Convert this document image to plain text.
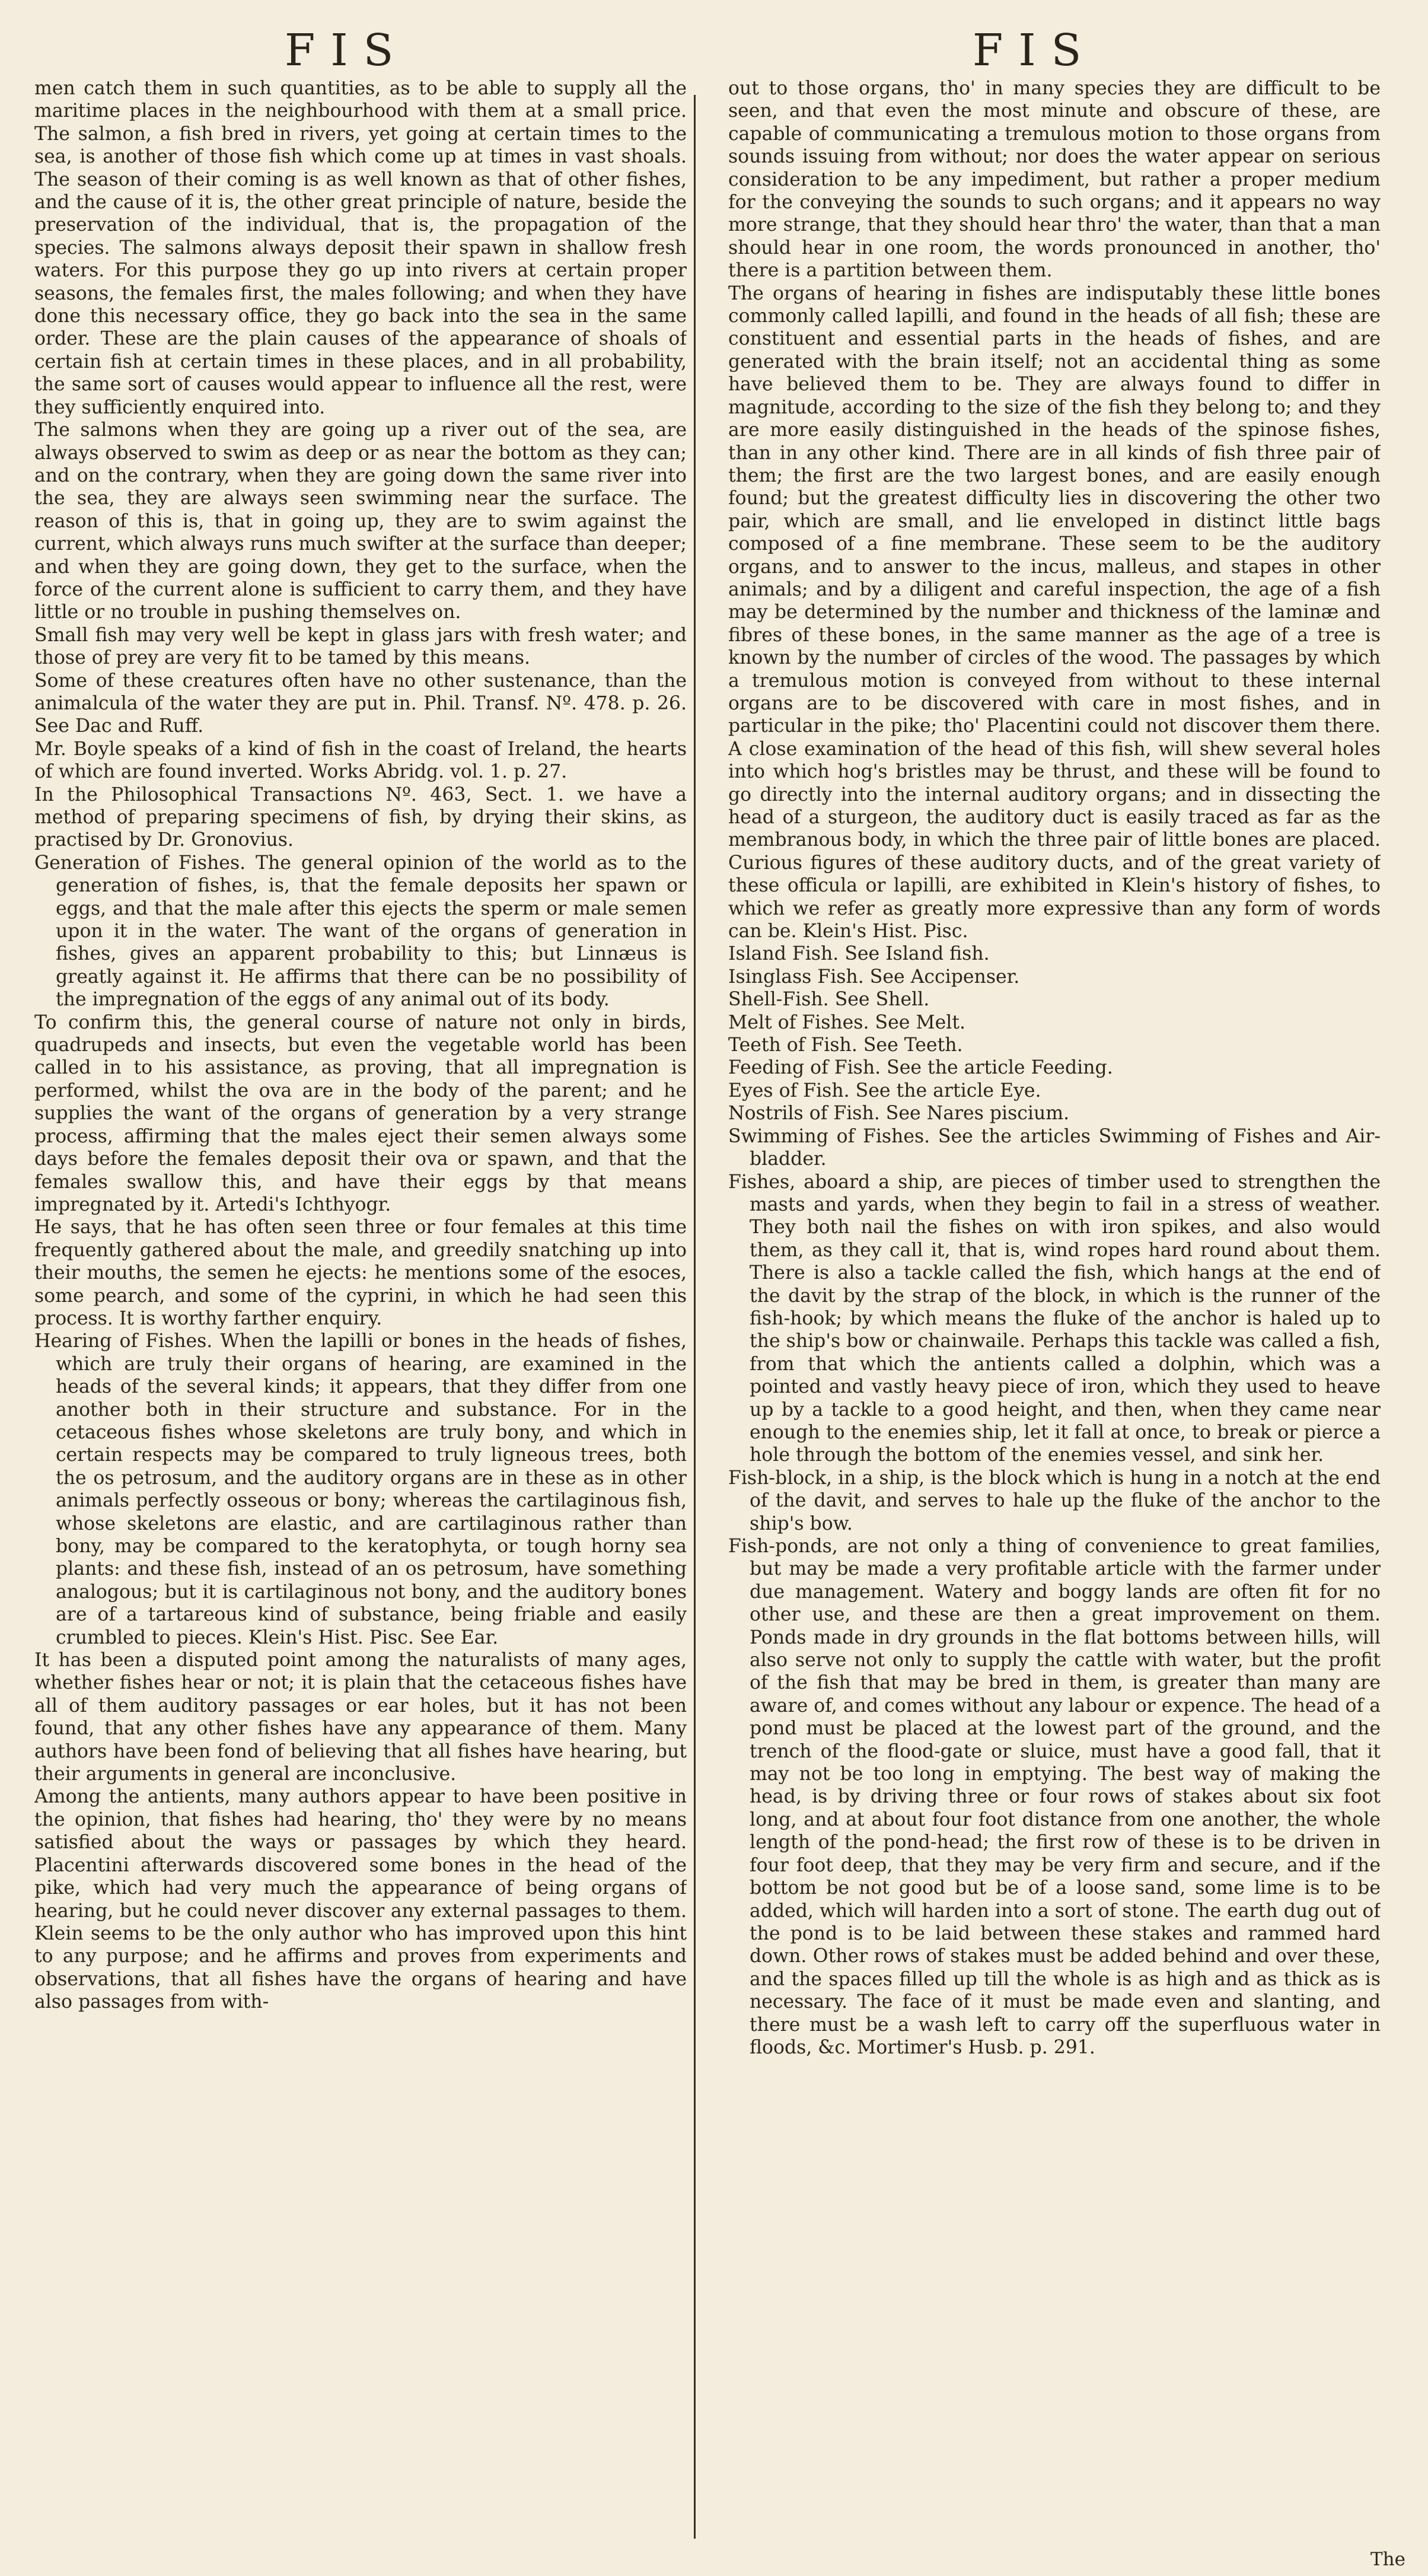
FIS	FIS

men catch them in such quantities, as to be able to supply all the maritime places in the neighbourhood with them at a small price. The salmon, a fish bred in rivers, yet going at certain times to the sea, is another of those fish which come up at times in vast shoals. The season of their coming is as well known as that of other fishes, and the cause of it is, the other great principle of nature, beside the preservation of the individual, that is, the propagation of the species. The salmons always deposit their spawn in shallow fresh waters. For this purpose they go up into rivers at certain proper seasons, the females first, the males following; and when they have done this necessary office, they go back into the sea in the same order. These are the plain causes of the appearance of shoals of certain fish at certain times in these places, and in all probability, the same sort of causes would appear to influence all the rest, were they sufficiently enquired into.

The salmons when they are going up a river out of the sea, are always observed to swim as deep or as near the bottom as they can; and on the contrary, when they are going down the same river into the sea, they are always seen swimming near the surface. The reason of this is, that in going up, they are to swim against the current, which always runs much swifter at the surface than deeper; and when they are going down, they get to the surface, when the force of the current alone is sufficient to carry them, and they have little or no trouble in pushing themselves on.

Small fish may very well be kept in glass jars with fresh water; and those of prey are very fit to be tamed by this means.

Some of these creatures often have no other sustenance, than the animalcula of the water they are put in. Phil. Transf. Nº. 478. p. 26. See Dac and Ruff.

Mr. Boyle speaks of a kind of fish in the coast of Ireland, the hearts of which are found inverted. Works Abridg. vol. 1. p. 27.

In the Philosophical Transactions Nº. 463, Sect. 1. we have a method of preparing specimens of fish, by drying their skins, as practised by Dr. Gronovius.

Generation of Fishes. The general opinion of the world as to the generation of fishes, is, that the female deposits her spawn or eggs, and that the male after this ejects the sperm or male semen upon it in the water. The want of the organs of generation in fishes, gives an apparent probability to this; but Linnæus is greatly against it. He affirms that there can be no possibility of the impregnation of the eggs of any animal out of its body.

To confirm this, the general course of nature not only in birds, quadrupeds and insects, but even the vegetable world has been called in to his assistance, as proving, that all impregnation is performed, whilst the ova are in the body of the parent; and he supplies the want of the organs of generation by a very strange process, affirming that the males eject their semen always some days before the females deposit their ova or spawn, and that the females swallow this, and have their eggs by that means impregnated by it. Artedi's Ichthyogr.

He says, that he has often seen three or four females at this time frequently gathered about the male, and greedily snatching up into their mouths, the semen he ejects: he mentions some of the esoces, some pearch, and some of the cyprini, in which he had seen this process. It is worthy farther enquiry.

Hearing of Fishes. When the lapilli or bones in the heads of fishes, which are truly their organs of hearing, are examined in the heads of the several kinds; it appears, that they differ from one another both in their structure and substance. For in the cetaceous fishes whose skeletons are truly bony, and which in certain respects may be compared to truly ligneous trees, both the os petrosum, and the auditory organs are in these as in other animals perfectly osseous or bony; whereas the cartilaginous fish, whose skeletons are elastic, and are cartilaginous rather than bony, may be compared to the keratophyta, or tough horny sea plants: and these fish, instead of an os petrosum, have something analogous; but it is cartilaginous not bony, and the auditory bones are of a tartareous kind of substance, being friable and easily crumbled to pieces. Klein's Hist. Pisc. See Ear.

It has been a disputed point among the naturalists of many ages, whether fishes hear or not; it is plain that the cetaceous fishes have all of them auditory passages or ear holes, but it has not been found, that any other fishes have any appearance of them. Many authors have been fond of believing that all fishes have hearing, but their arguments in general are inconclusive.

Among the antients, many authors appear to have been positive in the opinion, that fishes had hearing, tho' they were by no means satisfied about the ways or passages by which they heard. Placentini afterwards discovered some bones in the head of the pike, which had very much the appearance of being organs of hearing, but he could never discover any external passages to them. Klein seems to be the only author who has improved upon this hint to any purpose; and he affirms and proves from experiments and observations, that all fishes have the organs of hearing and have also passages from with-

out to those organs, tho' in many species they are difficult to be seen, and that even the most minute and obscure of these, are capable of communicating a tremulous motion to those organs from sounds issuing from without; nor does the water appear on serious consideration to be any impediment, but rather a proper medium for the conveying the sounds to such organs; and it appears no way more strange, that they should hear thro' the water, than that a man should hear in one room, the words pronounced in another, tho' there is a partition between them.

The organs of hearing in fishes are indisputably these little bones commonly called lapilli, and found in the heads of all fish; these are constituent and essential parts in the heads of fishes, and are generated with the brain itself; not an accidental thing as some have believed them to be. They are always found to differ in magnitude, according to the size of the fish they belong to; and they are more easily distinguished in the heads of the spinose fishes, than in any other kind. There are in all kinds of fish three pair of them; the first are the two largest bones, and are easily enough found; but the greatest difficulty lies in discovering the other two pair, which are small, and lie enveloped in distinct little bags composed of a fine membrane. These seem to be the auditory organs, and to answer to the incus, malleus, and stapes in other animals; and by a diligent and careful inspection, the age of a fish may be determined by the number and thickness of the laminæ and fibres of these bones, in the same manner as the age of a tree is known by the number of circles of the wood. The passages by which a tremulous motion is conveyed from without to these internal organs are to be discovered with care in most fishes, and in particular in the pike; tho' Placentini could not discover them there. A close examination of the head of this fish, will shew several holes into which hog's bristles may be thrust, and these will be found to go directly into the internal auditory organs; and in dissecting the head of a sturgeon, the auditory duct is easily traced as far as the membranous body, in which the three pair of little bones are placed. Curious figures of these auditory ducts, and of the great variety of these officula or lapilli, are exhibited in Klein's history of fishes, to which we refer as greatly more expressive than any form of words can be. Klein's Hist. Pisc.

Island Fish. See Island fish.

Isinglass Fish. See Accipenser.

Shell-Fish. See Shell.

Melt of Fishes. See Melt.

Teeth of Fish. See Teeth.

Feeding of Fish. See the article Feeding.

Eyes of Fish. See the article Eye.

Nostrils of Fish. See Nares piscium.

Swimming of Fishes. See the articles Swimming of Fishes and Air-bladder.

Fishes, aboard a ship, are pieces of timber used to strengthen the masts and yards, when they begin to fail in a stress of weather. They both nail the fishes on with iron spikes, and also would them, as they call it, that is, wind ropes hard round about them. There is also a tackle called the fish, which hangs at the end of the davit by the strap of the block, in which is the runner of the fish-hook; by which means the fluke of the anchor is haled up to the ship's bow or chainwaile. Perhaps this tackle was called a fish, from that which the antients called a dolphin, which was a pointed and vastly heavy piece of iron, which they used to heave up by a tackle to a good height, and then, when they came near enough to the enemies ship, let it fall at once, to break or pierce a hole through the bottom of the enemies vessel, and sink her.

Fish-block, in a ship, is the block which is hung in a notch at the end of the davit, and serves to hale up the fluke of the anchor to the ship's bow.

Fish-ponds, are not only a thing of convenience to great families, but may be made a very profitable article with the farmer under due management. Watery and boggy lands are often fit for no other use, and these are then a great improvement on them. Ponds made in dry grounds in the flat bottoms between hills, will also serve not only to supply the cattle with water, but the profit of the fish that may be bred in them, is greater than many are aware of, and comes without any labour or expence. The head of a pond must be placed at the lowest part of the ground, and the trench of the flood-gate or sluice, must have a good fall, that it may not be too long in emptying. The best way of making the head, is by driving three or four rows of stakes about six foot long, and at about four foot distance from one another, the whole length of the pond-head; the first row of these is to be driven in four foot deep, that they may be very firm and secure, and if the bottom be not good but be of a loose sand, some lime is to be added, which will harden into a sort of stone. The earth dug out of the pond is to be laid between these stakes and rammed hard down. Other rows of stakes must be added behind and over these, and the spaces filled up till the whole is as high and as thick as is necessary. The face of it must be made even and slanting, and there must be a wash left to carry off the superfluous water in floods, &c. Mortimer's Husb. p. 291.

The
